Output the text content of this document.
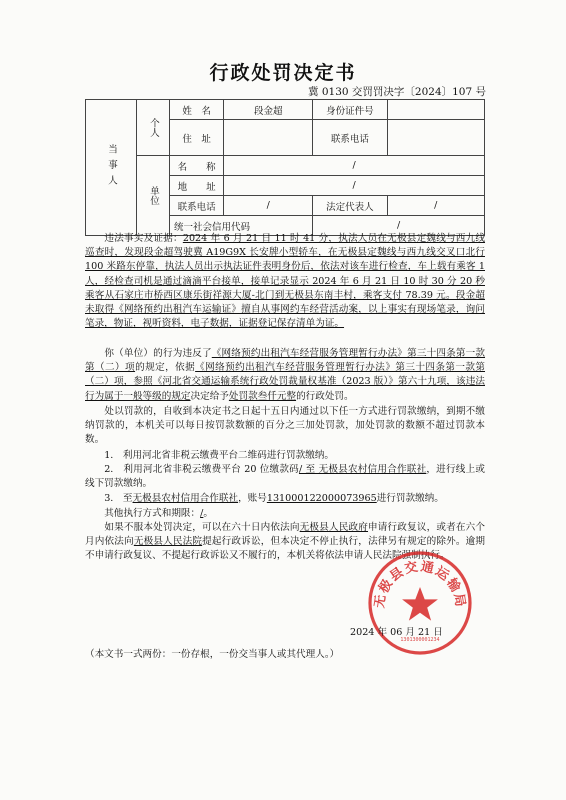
行政处罚决定书
冀 0130 交罚罚决字〔2024〕107 号
当事人	个人	姓　名	段金超	身份证件号	
		住　址		联系电话	

	单位	名　　称	/		
		地　　址	/		
		联系电话	/	法定代表人	/
		统一社会信用代码		/	
  违法事实及证据：2024 年 6 月 21 日 11 时 41 分，执法人员在无极县定魏线与西九线巡查时，发现段金超驾驶冀 A19G9X 长安牌小型轿车，在无极县定魏线与西九线交叉口北行 100 米路东停靠，执法人员出示执法证件表明身份后，依法对该车进行检查，车上载有乘客 1 人，经检查司机是通过滴滴平台接单，接单记录显示 2024 年 6 月 21 日 10 时 30 分 20 秒乘客从石家庄市桥西区康乐街祥源大厦-北门到无极县东南丰村，乘客支付 78.39 元。段金超未取得《网络预约出租汽车运输证》擅自从事网约车经营活动案，以上事实有现场笔录，询问笔录，物证，视听资料，电子数据，证据登记保存清单为证。
  你（单位）的行为违反了《网络预约出租汽车经营服务管理暂行办法》第三十四条第一款第（二）项的规定，依据《网络预约出租汽车经营服务管理暂行办法》第三十四条第一款第（二）项，参照《河北省交通运输系统行政处罚裁量权基准（2023 版）》第六十九项，该违法行为属于一般等级的规定决定给予处罚款叁仟元整的行政处罚。
  处以罚款的，自收到本决定书之日起十五日内通过以下任一方式进行罚款缴纳，到期不缴纳罚款的，本机关可以每日按罚款数额的百分之三加处罚款，加处罚款的数额不超过罚款本数。
  1.　利用河北省非税云缴费平台二维码进行罚款缴纳。
  2.　利用河北省非税云缴费平台 20 位缴款码/ 至 无极县农村信用合作联社，进行线上或线下罚款缴纳。
  3.　至无极县农村信用合作联社，账号131000122000073965进行罚款缴纳。
  其他执行方式和期限：/。
  如果不服本处罚决定，可以在六十日内依法向无极县人民政府申请行政复议，或者在六个月内依法向无极县人民法院提起行政诉讼，但本决定不停止执行，法律另有规定的除外。逾期不申请行政复议、不提起行政诉讼又不履行的，本机关将依法申请人民法院强制执行。
无极县交通运输局
1301300001234
2024 年 06 月 21 日
（本文书一式两份：一份存根，一份交当事人或其代理人。）
